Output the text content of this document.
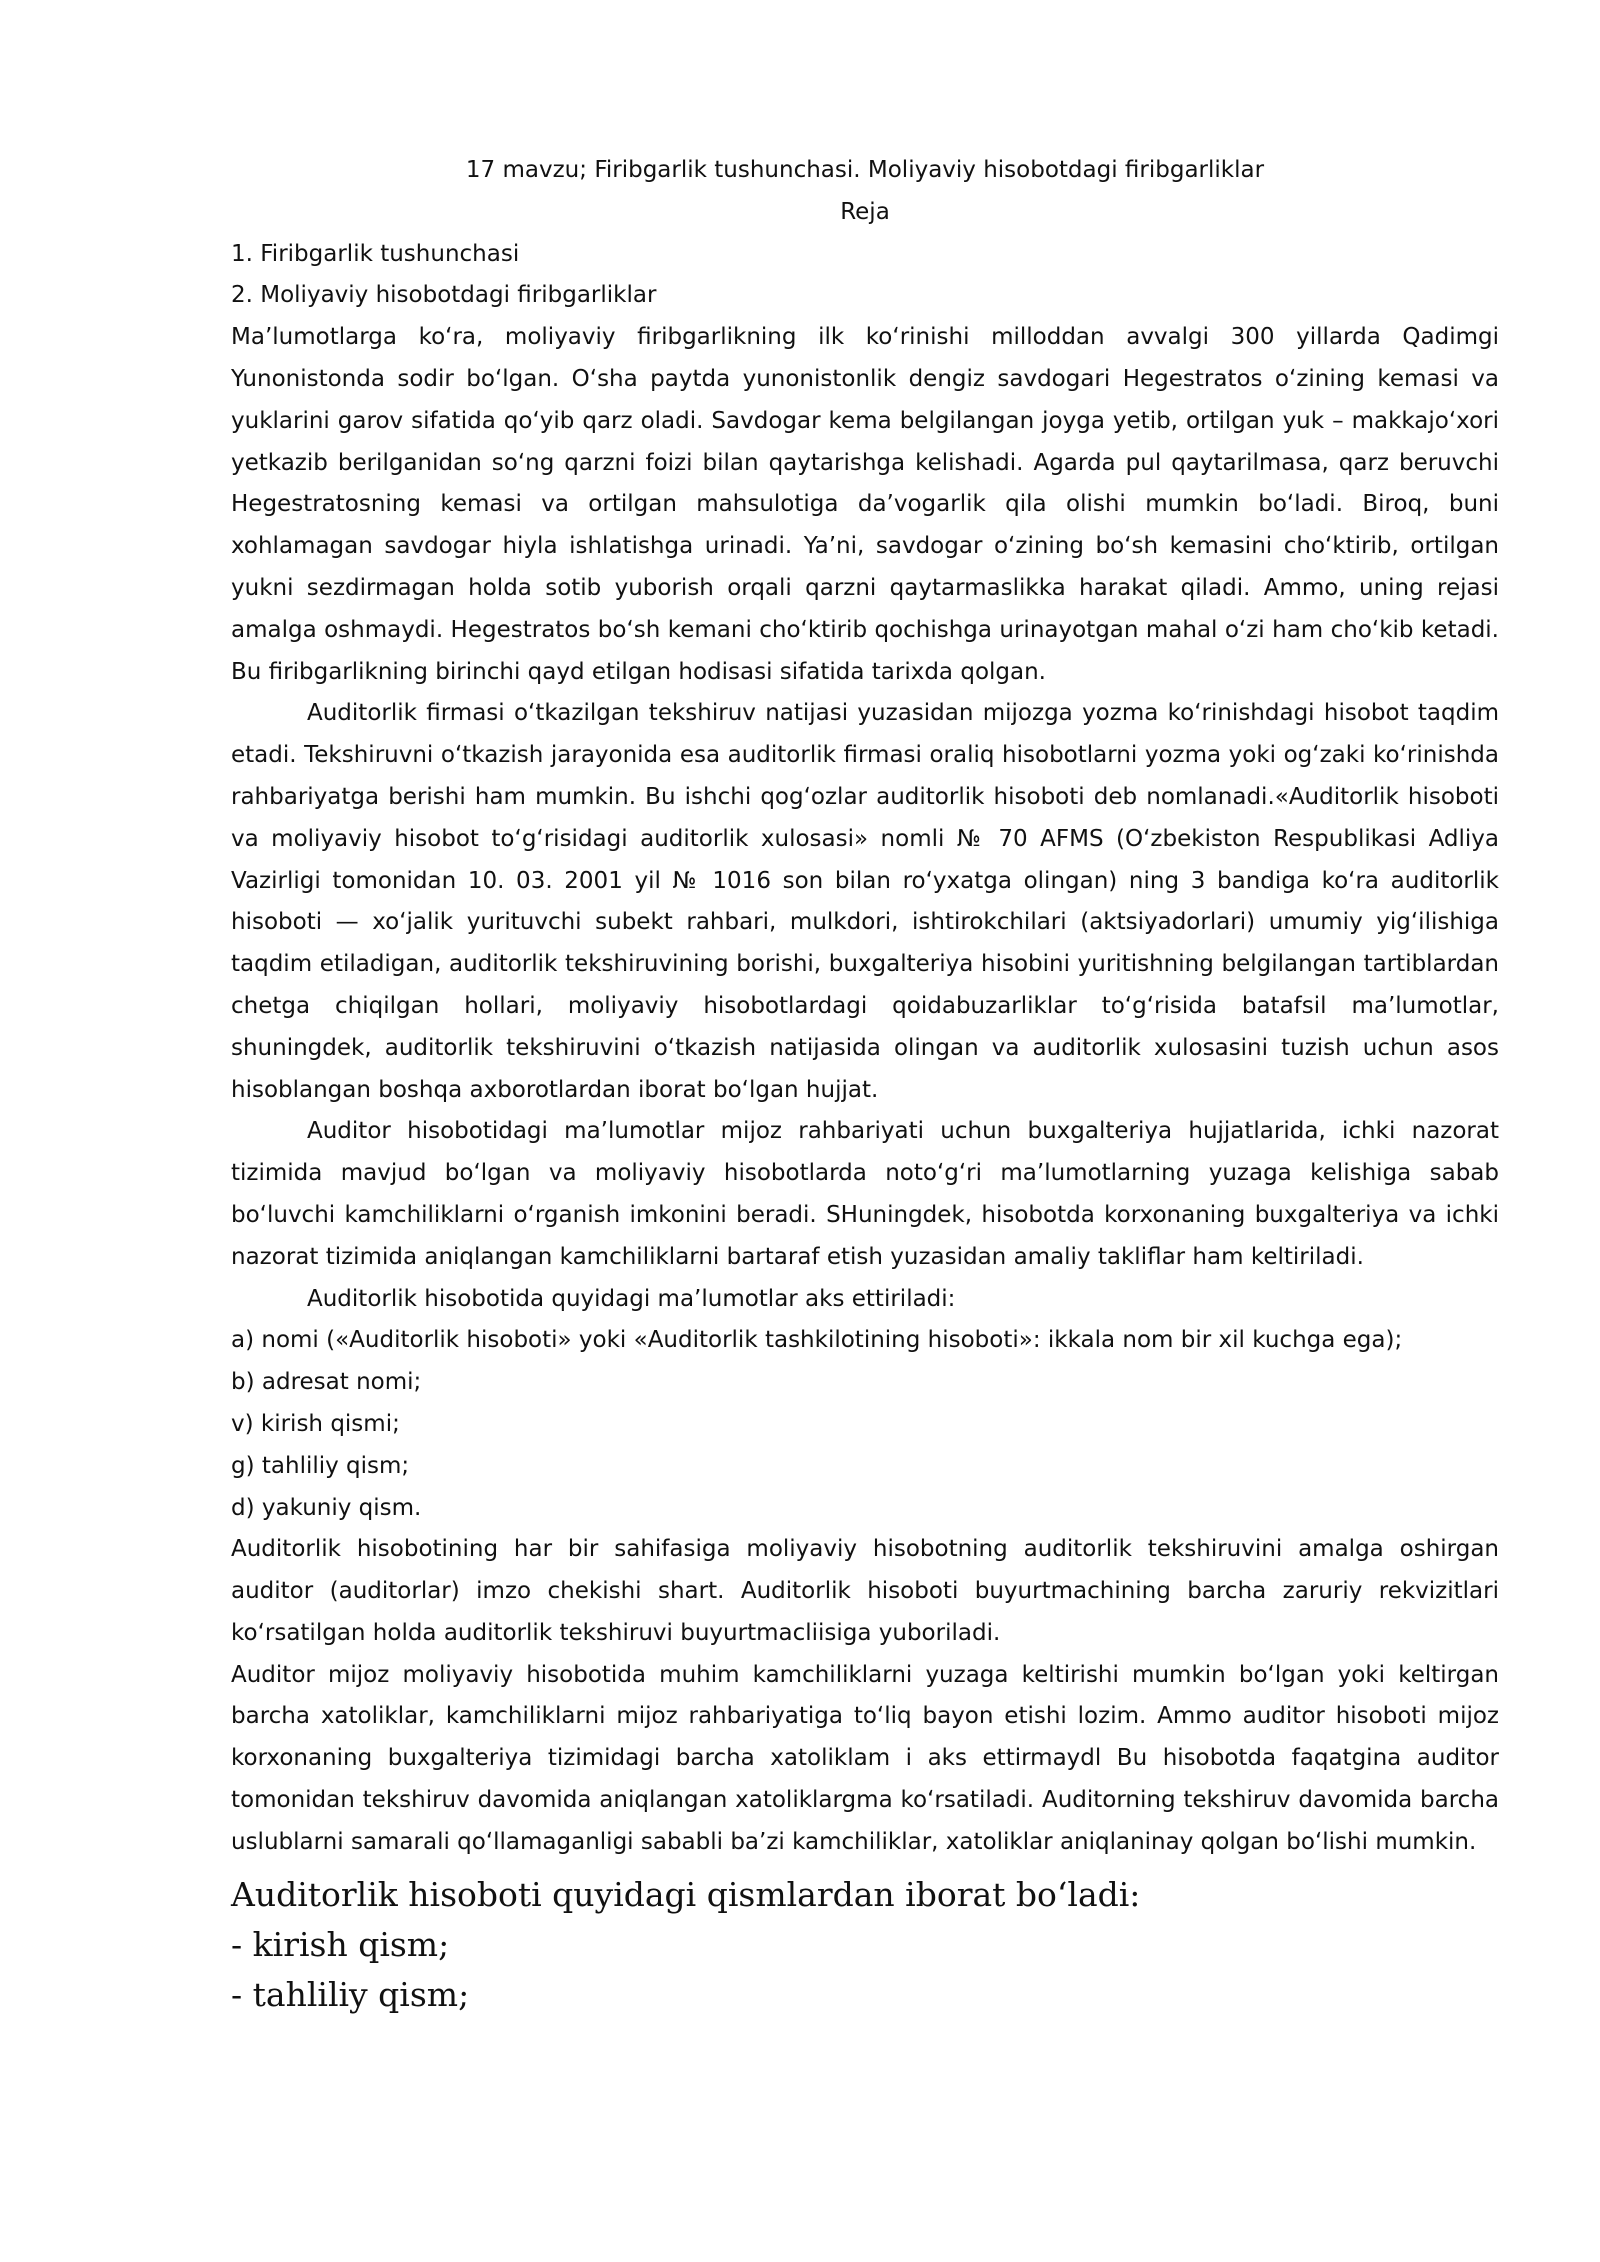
17 mavzu; Firibgarlik tushunchasi. Moliyaviy hisobotdagi firibgarliklar

Reja

1. Firibgarlik tushunchasi

2. Moliyaviy hisobotdagi firibgarliklar

Ma’lumotlarga koʻra, moliyaviy firibgarlikning ilk koʻrinishi milloddan avvalgi 300 yillarda Qadimgi Yunonistonda sodir boʻlgan. Oʻsha paytda yunonistonlik dengiz savdogari Hegestratos oʻzining kemasi va yuklarini garov sifatida qoʻyib qarz oladi. Savdogar kema belgilangan joyga yetib, ortilgan yuk – makkajoʻxori yetkazib berilganidan soʻng qarzni foizi bilan qaytarishga kelishadi. Agarda pul qaytarilmasa, qarz beruvchi Hegestratosning kemasi va ortilgan mahsulotiga da’vogarlik qila olishi mumkin boʻladi. Biroq, buni xohlamagan savdogar hiyla ishlatishga urinadi. Ya’ni, savdogar oʻzining boʻsh kemasini choʻktirib, ortilgan yukni sezdirmagan holda sotib yuborish orqali qarzni qaytarmaslikka harakat qiladi. Ammo, uning rejasi amalga oshmaydi. Hegestratos boʻsh kemani choʻktirib qochishga urinayotgan mahal oʻzi ham choʻkib ketadi. Bu firibgarlikning birinchi qayd etilgan hodisasi sifatida tarixda qolgan.

Auditorlik firmasi oʻtkazilgan tekshiruv natijasi yuzasidan mijozga yozma koʻrinishdagi hisobot taqdim etadi. Tekshiruvni oʻtkazish jarayonida esa auditorlik firmasi oraliq hisobotlarni yozma yoki ogʻzaki koʻrinishda rahbariyatga berishi ham mumkin. Bu ishchi qogʻozlar auditorlik hisoboti deb nomlanadi.«Auditorlik hisoboti va moliyaviy hisobot toʻgʻrisidagi auditorlik xulosasi» nomli № 70 AFMS (Oʻzbekiston Respublikasi Adliya Vazirligi tomonidan 10. 03. 2001 yil № 1016 son bilan roʻyxatga olingan) ning 3 bandiga koʻra auditorlik hisoboti — xoʻjalik yurituvchi subekt rahbari, mulkdori, ishtirokchilari (aktsiyadorlari) umumiy yigʻilishiga taqdim etiladigan, auditorlik tekshiruvining borishi, buxgalteriya hisobini yuritishning belgilangan tartiblardan chetga chiqilgan hollari, moliyaviy hisobotlardagi qoidabuzarliklar toʻgʻrisida batafsil ma’lumotlar, shuningdek, auditorlik tekshiruvini oʻtkazish natijasida olingan va auditorlik xulosasini tuzish uchun asos hisoblangan boshqa axborotlardan iborat boʻlgan hujjat.

Auditor hisobotidagi ma’lumotlar mijoz rahbariyati uchun buxgalteriya hujjatlarida, ichki nazorat tizimida mavjud boʻlgan va moliyaviy hisobotlarda notoʻgʻri ma’lumotlarning yuzaga kelishiga sabab boʻluvchi kamchiliklarni oʻrganish imkonini beradi. SHuningdek, hisobotda korxonaning buxgalteriya va ichki nazorat tizimida aniqlangan kamchiliklarni bartaraf etish yuzasidan amaliy takliflar ham keltiriladi.

Auditorlik hisobotida quyidagi ma’lumotlar aks ettiriladi:

a) nomi («Auditorlik hisoboti» yoki «Auditorlik tashkilotining hisoboti»: ikkala nom bir xil kuchga ega);

b) adresat nomi;

v) kirish qismi;

g) tahliliy qism;

d) yakuniy qism.

Auditorlik hisobotining har bir sahifasiga moliyaviy hisobotning auditorlik tekshiruvini amalga oshirgan auditor (auditorlar) imzo chekishi shart. Auditorlik hisoboti buyurtmachining barcha zaruriy rekvizitlari koʻrsatilgan holda auditorlik tekshiruvi buyurtmacliisiga yuboriladi.

Auditor mijoz moliyaviy hisobotida muhim kamchiliklarni yuzaga keltirishi mumkin boʻlgan yoki keltirgan barcha xatoliklar, kamchiliklarni mijoz rahbariyatiga toʻliq bayon etishi lozim. Ammo auditor hisoboti mijoz korxonaning buxgalteriya tizimidagi barcha xatoliklam i aks ettirmaydl Bu hisobotda faqatgina auditor tomonidan tekshiruv davomida aniqlangan xatoliklargma koʻrsatiladi. Auditorning tekshiruv davomida barcha uslublarni samarali qoʻllamaganligi sababli ba’zi kamchiliklar, xatoliklar aniqlaninay qolgan boʻlishi mumkin.

Auditorlik hisoboti quyidagi qismlardan iborat boʻladi:

- kirish qism;

- tahliliy qism;
